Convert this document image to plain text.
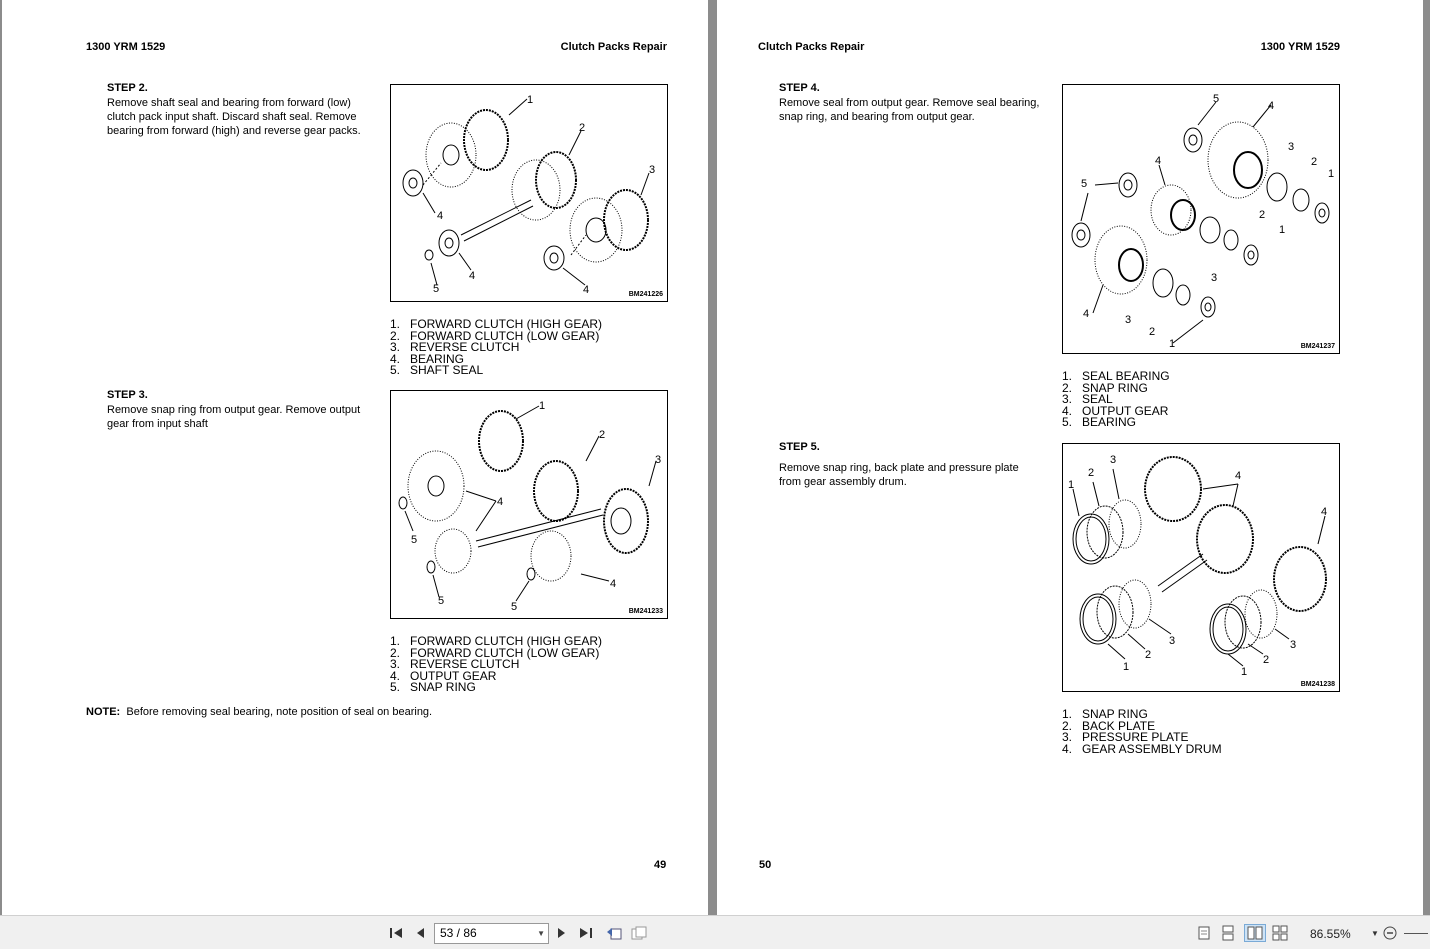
1300 YRM 1529	Clutch Packs Repair
STEP 2.
Remove shaft seal and bearing from forward (low) clutch pack input shaft. Discard shaft seal. Remove bearing from forward (high) and reverse gear packs.
1
2
3
4
4
4
5	BM241226
1. FORWARD CLUTCH (HIGH GEAR)
2. FORWARD CLUTCH (LOW GEAR)
3. REVERSE CLUTCH
4. BEARING
5. SHAFT SEAL
STEP 3.
Remove snap ring from output gear. Remove output gear from input shaft
1
2
3
4
4
5
5	5	BM241233
1. FORWARD CLUTCH (HIGH GEAR)
2. FORWARD CLUTCH (LOW GEAR)
3. REVERSE CLUTCH
4. OUTPUT GEAR
5. SNAP RING
NOTE: Before removing seal bearing, note position of seal on bearing.
49
Clutch Packs Repair	1300 YRM 1529
STEP 4.
Remove seal from output gear. Remove seal bearing, snap ring, and bearing from output gear.
5
4
3
2
1
4
5
2
1
3
4	3
2
1	BM241237
1. SEAL BEARING
2. SNAP RING
3. SEAL
4. OUTPUT GEAR
5. BEARING
STEP 5.
Remove snap ring, back plate and pressure plate from gear assembly drum.	1
2
3
4
4
3
2
1
3
2
1
BM241238
1. SNAP RING
2. BACK PLATE
3. PRESSURE PLATE
4. GEAR ASSEMBLY DRUM
50
53 / 86	▼	86.55%	▼
